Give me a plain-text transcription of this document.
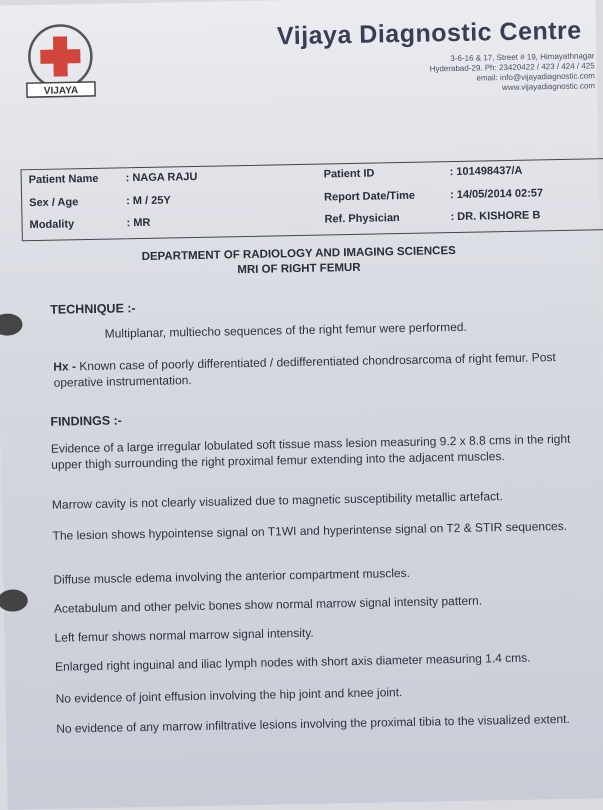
VIJAYA
Vijaya Diagnostic Centre
3-6-16 & 17, Street # 19, Himayathnagar
Hyderabad-29. Ph: 23420422 / 423 / 424 / 425
email: info@vijayadiagnostic.com
www.vijayadiagnostic.com
Patient Name : NAGA RAJU	Patient ID	: 101498437/A
Sex / Age	: M / 25Y	Report Date/Time	: 14/05/2014 02:57
Modality	: MR	Ref. Physician	: DR. KISHORE B
DEPARTMENT OF RADIOLOGY AND IMAGING SCIENCES
MRI OF RIGHT FEMUR
TECHNIQUE :-
Multiplanar, multiecho sequences of the right femur were performed.
Hx - Known case of poorly differentiated / dedifferentiated chondrosarcoma of right femur. Post operative instrumentation.
FINDINGS :-
Evidence of a large irregular lobulated soft tissue mass lesion measuring 9.2 x 8.8 cms in the right upper thigh surrounding the right proximal femur extending into the adjacent muscles.
Marrow cavity is not clearly visualized due to magnetic susceptibility metallic artefact.
The lesion shows hypointense signal on T1WI and hyperintense signal on T2 & STIR sequences.
Diffuse muscle edema involving the anterior compartment muscles.
Acetabulum and other pelvic bones show normal marrow signal intensity pattern.
Left femur shows normal marrow signal intensity.
Enlarged right inguinal and iliac lymph nodes with short axis diameter measuring 1.4 cms.
No evidence of joint effusion involving the hip joint and knee joint.
No evidence of any marrow infiltrative lesions involving the proximal tibia to the visualized extent.
